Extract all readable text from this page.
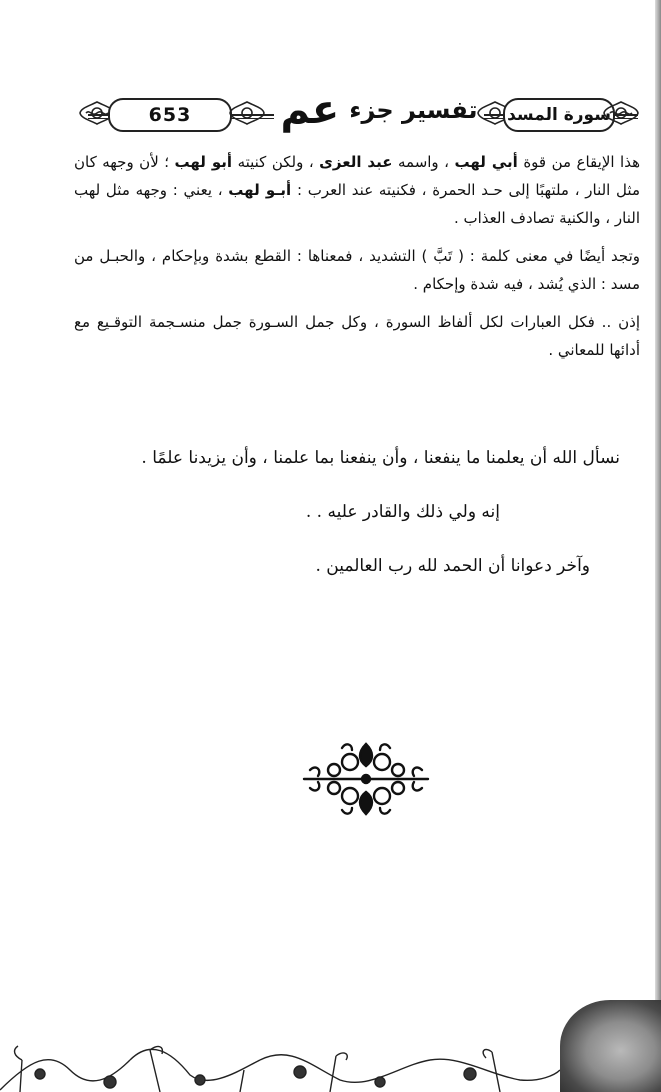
653	تفسير جزء
عم	سورة المسد

هذا الإيقاع من قوة أبي لهب ، واسمه عبد العزى ، ولكن كنيته أبو لهب ؛ لأن وجهه كان مثل النار ، ملتهبًا إلى حـد الحمرة ، فكنيته عند العرب : أبـو لهب ، يعني : وجهه مثل لهب النار ، والكنية تصادف العذاب .

وتجد أيضًا في معنى كلمة : ( تَبَّ ) التشديد ، فمعناها : القطع بشدة وبإحكام ، والحبـل من مسد : الذي يُشد ، فيه شدة وإحكام .

إذن .. فكل العبارات لكل ألفاظ السورة ، وكل جمل السـورة جمل منسـجمة التوقـيع مع أدائها للمعاني .

نسأل الله أن يعلمنا ما ينفعنا ، وأن ينفعنا بما علمنا ، وأن يزيدنا علمًا .
إنه ولي ذلك والقادر عليه . .
وآخر دعوانا أن الحمد لله رب العالمين .
